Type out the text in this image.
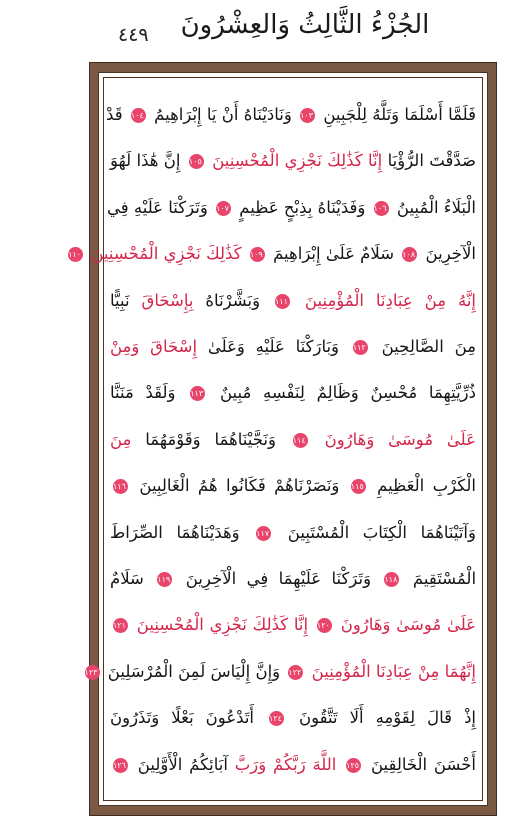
٤٤٩ الجُزْءُ الثَّالِثُ وَالعِشْرُونَ
فَلَمَّا أَسْلَمَا وَتَلَّهُ لِلْجَبِينِ ١٠٣ وَنَادَيْنَاهُ أَنْ يَا إِبْرَاهِيمُ ١٠٤ قَدْ
صَدَّقْتَ الرُّؤْيَا إِنَّا كَذَٰلِكَ نَجْزِي الْمُحْسِنِينَ ١٠٥ إِنَّ هَٰذَا لَهُوَ
الْبَلَاءُ الْمُبِينُ ١٠٦ وَفَدَيْنَاهُ بِذِبْحٍ عَظِيمٍ ١٠٧ وَتَرَكْنَا عَلَيْهِ فِي
الْآخِرِينَ ١٠٨ سَلَامٌ عَلَىٰ إِبْرَاهِيمَ ١٠٩ كَذَٰلِكَ نَجْزِي الْمُحْسِنِينَ ١١٠
إِنَّهُ مِنْ عِبَادِنَا الْمُؤْمِنِينَ ١١١ وَبَشَّرْنَاهُ بِإِسْحَاقَ نَبِيًّا
مِنَ الصَّالِحِينَ ١١٢ وَبَارَكْنَا عَلَيْهِ وَعَلَىٰ إِسْحَاقَ وَمِنْ
ذُرِّيَّتِهِمَا مُحْسِنٌ وَظَالِمٌ لِنَفْسِهِ مُبِينٌ ١١٣ وَلَقَدْ مَنَنَّا
عَلَىٰ مُوسَىٰ وَهَارُونَ ١١٤ وَنَجَّيْنَاهُمَا وَقَوْمَهُمَا مِنَ
الْكَرْبِ الْعَظِيمِ ١١٥ وَنَصَرْنَاهُمْ فَكَانُوا هُمُ الْغَالِبِينَ ١١٦
وَآتَيْنَاهُمَا الْكِتَابَ الْمُسْتَبِينَ ١١٧ وَهَدَيْنَاهُمَا الصِّرَاطَ
الْمُسْتَقِيمَ ١١٨ وَتَرَكْنَا عَلَيْهِمَا فِي الْآخِرِينَ ١١٩ سَلَامٌ
عَلَىٰ مُوسَىٰ وَهَارُونَ ١٢٠ إِنَّا كَذَٰلِكَ نَجْزِي الْمُحْسِنِينَ ١٢١
إِنَّهُمَا مِنْ عِبَادِنَا الْمُؤْمِنِينَ ١٢٢ وَإِنَّ إِلْيَاسَ لَمِنَ الْمُرْسَلِينَ ١٢٣
إِذْ قَالَ لِقَوْمِهِ أَلَا تَتَّقُونَ ١٢٤ أَتَدْعُونَ بَعْلًا وَتَذَرُونَ
أَحْسَنَ الْخَالِقِينَ ١٢٥ اللَّهَ رَبَّكُمْ وَرَبَّ آبَائِكُمُ الْأَوَّلِينَ ١٢٦
